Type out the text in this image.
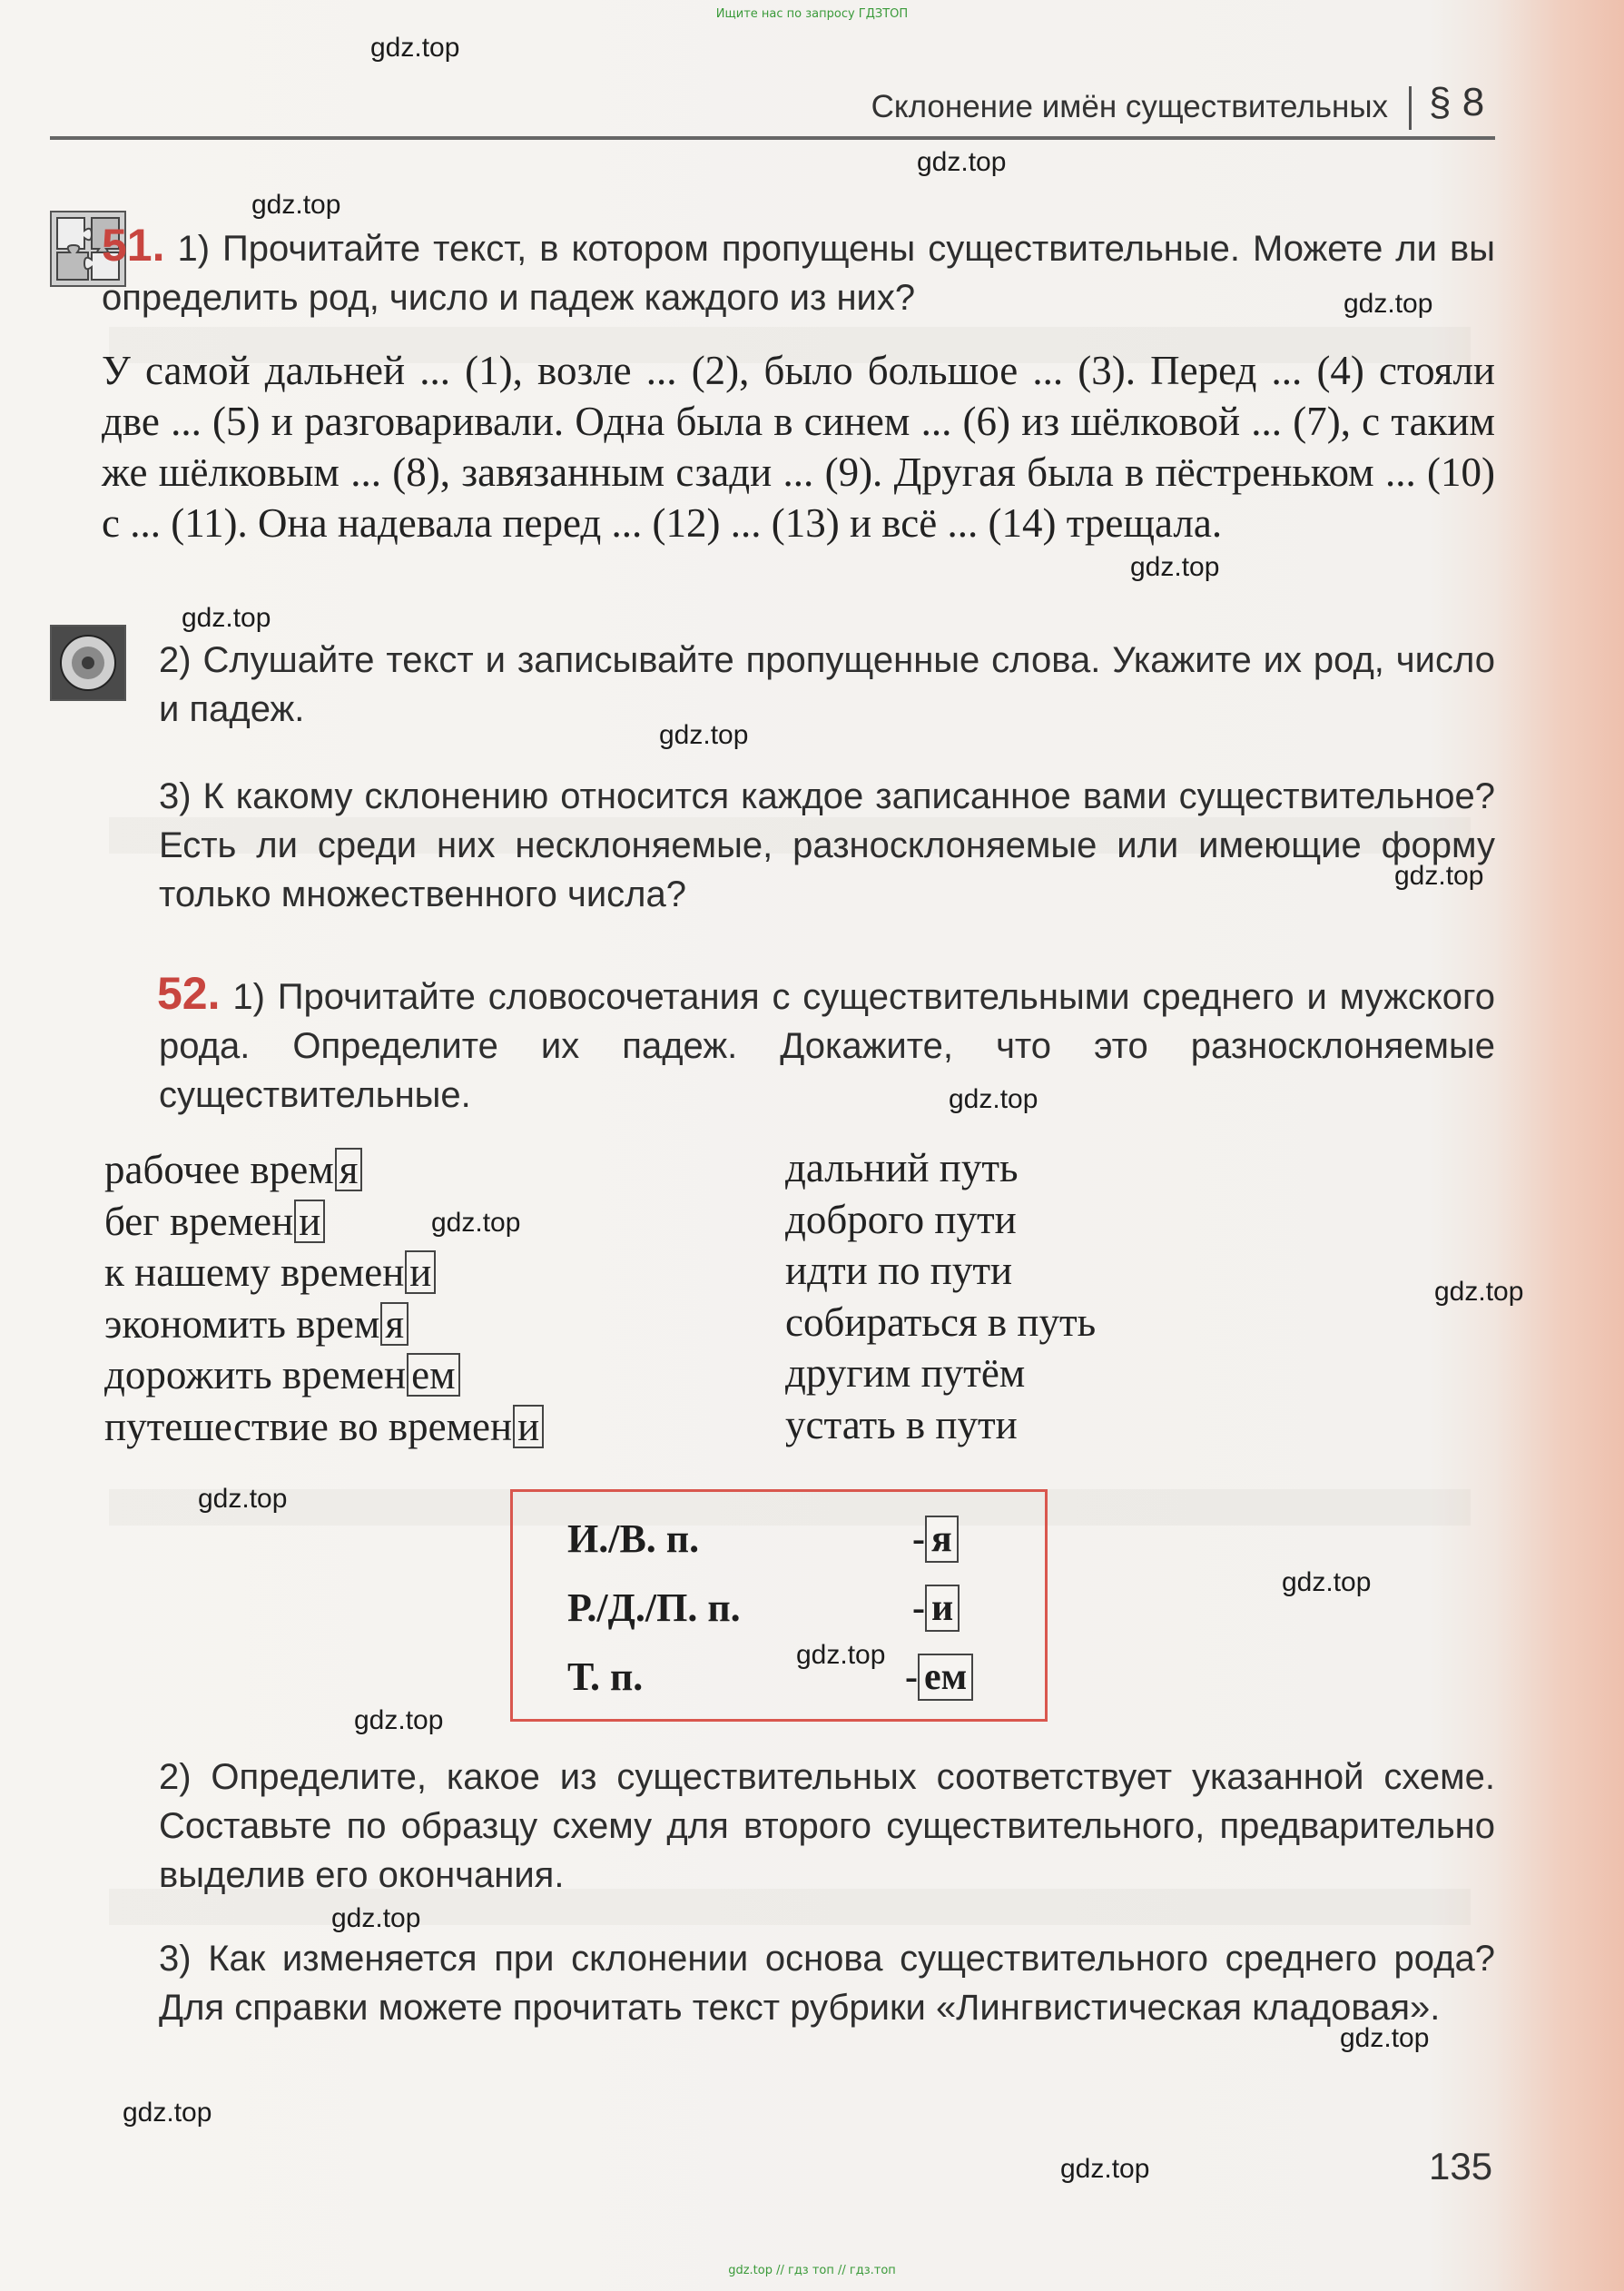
Ищите нас по запросу ГДЗТОП
Склонение имён существительных § 8
51. 1) Прочитайте текст, в котором пропущены существительные. Можете ли вы определить род, число и падеж каждого из них?
У самой дальней ... (1), возле ... (2), было большое ... (3). Перед ... (4) стояли две ... (5) и разговаривали. Одна была в синем ... (6) из шёлковой ... (7), с таким же шёлковым ... (8), завязанным сзади ... (9). Другая была в пёстреньком ... (10) с ... (11). Она надевала перед ... (12) ... (13) и всё ... (14) трещала.
2) Слушайте текст и записывайте пропущенные слова. Укажите их род, число и падеж.
3) К какому склонению относится каждое записанное вами существительное? Есть ли среди них несклоняемые, разносклоняемые или имеющие форму только множественного числа?
52. 1) Прочитайте словосочетания с существительными среднего и мужского рода. Определите их падеж. Докажите, что это разносклоняемые существительные.
рабочее врем я
бег времен и
к нашему времен и
экономить врем я
дорожить времен ем
путешествие во времен и
дальний путь
доброго пути
идти по пути
собираться в путь
другим путём
устать в пути
И./В. п.	- я
Р./Д./П. п.	- и
Т. п.	- ем
2) Определите, какое из существительных соответствует указанной схеме. Составьте по образцу схему для второго существительного, предварительно выделив его окончания.
3) Как изменяется при склонении основа существительного среднего рода? Для справки можете прочитать текст рубрики «Лингвистическая кладовая».
135
gdz.top
gdz.top
gdz.top
gdz.top
gdz.top
gdz.top
gdz.top
gdz.top
gdz.top
gdz.top
gdz.top
gdz.top
gdz.top
gdz.top
gdz.top
gdz.top
gdz.top
gdz.top
gdz.top
gdz.top // гдз топ // гдз.топ
